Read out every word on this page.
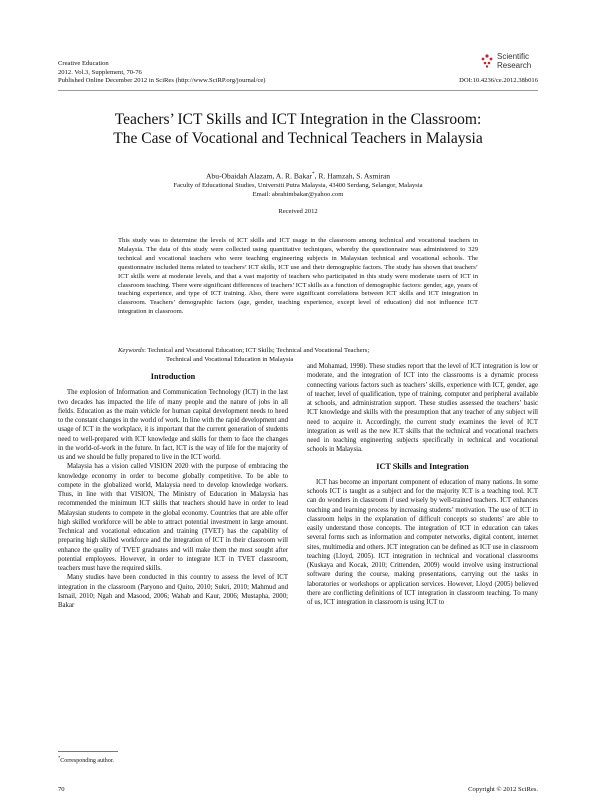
Creative Education
2012. Vol.3, Supplement, 70-76
Published Online December 2012 in SciRes (http://www.SciRP.org/journal/ce)	DOI:10.4236/ce.2012.38b016
Scientific
Research
Teachers’ ICT Skills and ICT Integration in the Classroom:
The Case of Vocational and Technical Teachers in Malaysia
Abu-Obaidah Alazam, A. R. Bakar*, R. Hamzah, S. Asmiran
Faculty of Educational Studies, Universiti Putra Malaysia, 43400 Serdang, Selangor, Malaysia
Email: abrahimbakar@yahoo.com
Received 2012
This study was to determine the levels of ICT skills and ICT usage in the classroom among technical and vocational teachers in Malaysia. The data of this study were collected using quantitative techniques, whereby the questionnaire was administered to 329 technical and vocational teachers who were teaching engineering subjects in Malaysian technical and vocational schools. The questionnaire included items related to teachers’ ICT skills, ICT use and their demographic factors. The study has shown that teachers’ ICT skills were at moderate levels, and that a vast majority of teachers who participated in this study were moderate users of ICT in classroom teaching. There were significant differences of teachers’ ICT skills as a function of demographic factors: gender, age, years of teaching experience, and type of ICT training. Also, there were significant correlations between ICT skills and ICT integration in classroom. Teachers’ demographic factors (age, gender, teaching experience, except level of education) did not influence ICT integration in classroom.
Keywords: Technical and Vocational Education; ICT Skills; Technical and Vocational Teachers;
Technical and Vocational Education in Malaysia
Introduction

The explosion of Information and Communication Technology (ICT) in the last two decades has impacted the life of many people and the nature of jobs in all fields. Education as the main vehicle for human capital development needs to heed to the constant changes in the world of work. In line with the rapid development and usage of ICT in the workplace, it is important that the current generation of students need to well-prepared with ICT knowledge and skills for them to face the changes in the world-of-work in the future. In fact, ICT is the way of life for the majority of us and we should be fully prepared to live in the ICT world.

Malaysia has a vision called VISION 2020 with the purpose of embracing the knowledge economy in order to become globally competitive. To be able to compete in the globalized world, Malaysia need to develop knowledge workers. Thus, in line with that VISION, The Ministry of Education in Malaysia has recommended the minimum ICT skills that teachers should have in order to lead Malaysian students to compete in the global economy. Countries that are able offer high skilled workforce will be able to attract potential investment in large amount. Technical and vocational education and training (TVET) has the capability of preparing high skilled workforce and the integration of ICT in their classroom will enhance the quality of TVET graduates and will make them the most sought after potential employees. However, in order to integrate ICT in TVET classroom, teachers must have the required skills.

Many studies have been conducted in this country to assess the level of ICT integration in the classroom (Paryono and Quito, 2010; Sukri, 2010; Mahmud and Ismail, 2010; Ngah and Masood, 2006; Wahab and Kaur, 2006; Mustapha, 2000; Bakar

and Mohamad, 1998). These studies report that the level of ICT integration is low or moderate, and the integration of ICT into the classrooms is a dynamic process connecting various factors such as teachers’ skills, experience with ICT, gender, age of teacher, level of qualification, type of training, computer and peripheral available at schools, and administration support. These studies assessed the teachers’ basic ICT knowledge and skills with the presumption that any teacher of any subject will need to acquire it. Accordingly, the current study examines the level of ICT integration as well as the new ICT skills that the technical and vocational teachers need in teaching engineering subjects specifically in technical and vocational schools in Malaysia.

ICT Skills and Integration

ICT has become an important component of education of many nations. In some schools ICT is taught as a subject and for the majority ICT is a teaching tool. ICT can do wonders in classroom if used wisely by well-trained teachers. ICT enhances teaching and learning process by increasing students’ motivation. The use of ICT in classroom helps in the explanation of difficult concepts so students’ are able to easily understand those concepts. The integration of ICT in education can takes several forms such as information and computer networks, digital content, internet sites, multimedia and others. ICT integration can be defined as ICT use in classroom teaching (Lloyd, 2005). ICT integration in technical and vocational classrooms (Kuskaya and Kocak, 2010; Crittenden, 2009) would involve using instructional software during the course, making presentations, carrying out the tasks in laboratories or workshops or application services. However, Lloyd (2005) believed there are conflicting definitions of ICT integration in classroom teaching. To many of us, ICT integration in classroom is using ICT to

*Corresponding author.
70	Copyright © 2012 SciRes.
